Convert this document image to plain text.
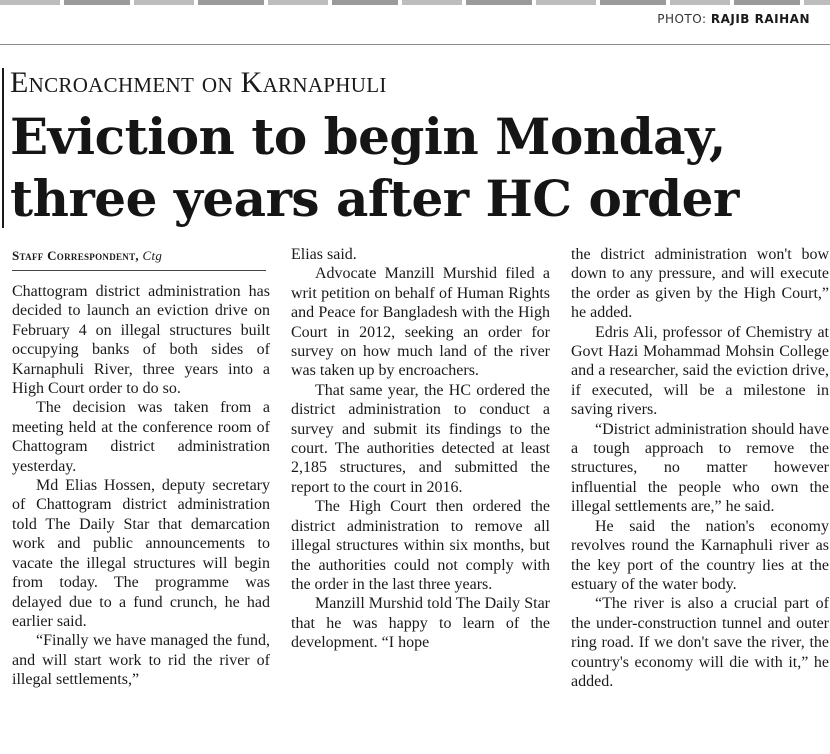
PHOTO: RAJIB RAIHAN
Encroachment on Karnaphuli
Eviction to begin Monday,
three years after HC order
Staff Correspondent, Ctg

Chattogram district administration has decided to launch an eviction drive on February 4 on illegal structures built occupying banks of both sides of Karnaphuli River, three years into a High Court order to do so.

The decision was taken from a meeting held at the conference room of Chattogram district administration yesterday.

Md Elias Hossen, deputy secretary of Chattogram district administration told The Daily Star that demarcation work and public announcements to vacate the illegal structures will begin from today. The programme was delayed due to a fund crunch, he had earlier said.

“Finally we have managed the fund, and will start work to rid the river of illegal settlements,”

Elias said.

Advocate Manzill Murshid filed a writ petition on behalf of Human Rights and Peace for Bangladesh with the High Court in 2012, seeking an order for survey on how much land of the river was taken up by encroachers.

That same year, the HC ordered the district administration to conduct a survey and submit its findings to the court. The authorities detected at least 2,185 structures, and submitted the report to the court in 2016.

The High Court then ordered the district administration to remove all illegal structures within six months, but the authorities could not comply with the order in the last three years.

Manzill Murshid told The Daily Star that he was happy to learn of the development. “I hope

the district administration won't bow down to any pressure, and will execute the order as given by the High Court,” he added.

Edris Ali, professor of Chemistry at Govt Hazi Mohammad Mohsin College and a researcher, said the eviction drive, if executed, will be a milestone in saving rivers.

“District administration should have a tough approach to remove the structures, no matter however influential the people who own the illegal settlements are,” he said.

He said the nation's economy revolves round the Karnaphuli river as the key port of the country lies at the estuary of the water body.

“The river is also a crucial part of the under-construction tunnel and outer ring road. If we don't save the river, the country's economy will die with it,” he added.
